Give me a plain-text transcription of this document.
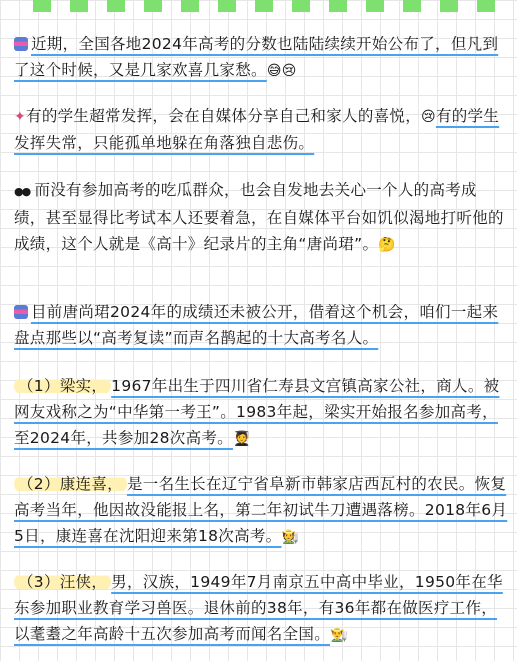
近期，全国各地2024年高考的分数也陆陆续续开始公布了，但凡到了这个时候，又是几家欢喜几家愁。😅😢
✦有的学生超常发挥，会在自媒体分享自己和家人的喜悦，😢有的学生发挥失常，只能孤单地躲在角落独自悲伤。
●● 而没有参加高考的吃瓜群众，也会自发地去关心一个人的高考成绩，甚至显得比考试本人还要着急，在自媒体平台如饥似渴地打听他的成绩，这个人就是《高十》纪录片的主角“唐尚珺”。🤔
目前唐尚珺2024年的成绩还未被公开，借着这个机会，咱们一起来盘点那些以“高考复读”而声名鹊起的十大高考名人。
（1）梁实， 1967年出生于四川省仁寿县文宫镇高家公社，商人。被网友戏称之为“中华第一考王”。1983年起，梁实开始报名参加高考，至2024年，共参加28次高考。🧑‍🎓
（2）康连喜， 是一名生长在辽宁省阜新市韩家店西瓦村的农民。恢复高考当年，他因故没能报上名，第二年初试牛刀遭遇落榜。2018年6月5日，康连喜在沈阳迎来第18次高考。🧑‍🌾
（3）汪侠， 男，汉族，1949年7月南京五中高中毕业，1950年在华东参加职业教育学习兽医。退休前的38年，有36年都在做医疗工作，以耄耋之年高龄十五次参加高考而闻名全国。👨‍🌾
